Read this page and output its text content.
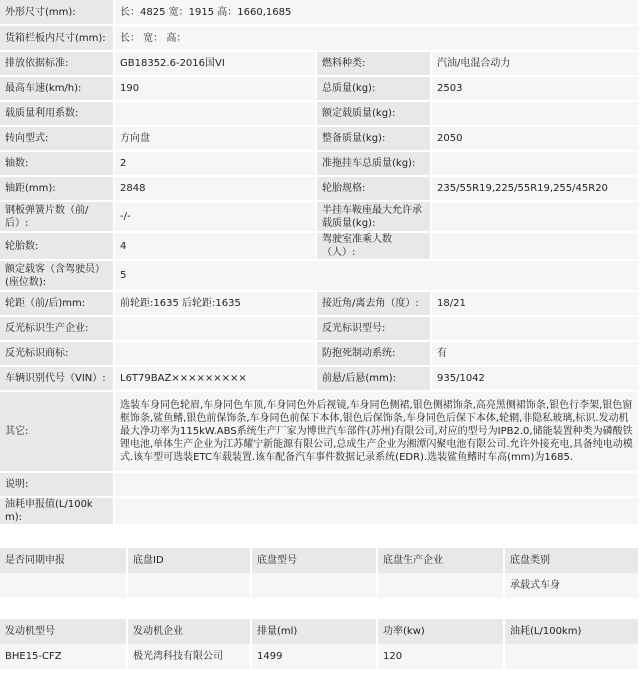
外形尺寸(mm):	长：4825 宽：1915 高：1660,1685		
货箱栏板内尺寸(mm):	长： 宽： 高：		
排放依据标准:	GB18352.6-2016国VI	燃料种类:	汽油/电混合动力
最高车速(km/h):	190	总质量(kg):	2503
载质量利用系数:		额定载质量(kg):	
转向型式:	方向盘	整备质量(kg):	2050
轴数:	2	准拖挂车总质量(kg):	
轴距(mm):	2848	轮胎规格:	235/55R19,225/55R19,255/45R20
钢板弹簧片数（前/后）:	-/-	半挂车鞍座最大允许承载质量(kg):	
轮胎数:	4	驾驶室准乘人数（人）:	
额定载客（含驾驶员）(座位数):	5		
轮距（前/后)mm:	前轮距:1635 后轮距:1635	接近角/离去角（度）:	18/21
反光标识生产企业:		反光标识型号:	
反光标识商标:		防抱死制动系统:	有
车辆识别代号（VIN）:	L6T79BAZ×××××××××	前悬/后悬(mm):	935/1042
其它:	选装车身同色轮眉,车身同色车顶,车身同色外后视镜,车身同色侧裙,银色侧裙饰条,高亮黑侧裙饰条,银色行李架,银色窗框饰条,鲨鱼鳍,银色前保饰条,车身同色前保下本体,银色后保饰条,车身同色后保下本体,轮辋,非隐私玻璃,标识.发动机最大净功率为115kW.ABS系统生产厂家为博世汽车部件(苏州)有限公司,对应的型号为IPB2.0,储能装置种类为磷酸铁锂电池,单体生产企业为江苏耀宁新能源有限公司,总成生产企业为湘潭闪聚电池有限公司.允许外接充电,具备纯电动模式.该车型可选装ETC车载装置.该车配备汽车事件数据记录系统(EDR).选装鲨鱼鳍时车高(mm)为1685.		
说明:			
油耗申报值(L/100km):			
是否同期申报	底盘ID	底盘型号	底盘生产企业	底盘类别
				承载式车身
发动机型号	发动机企业	排量(ml)	功率(kw)	油耗(L/100km)
BHE15-CFZ	极光湾科技有限公司	1499	120	
